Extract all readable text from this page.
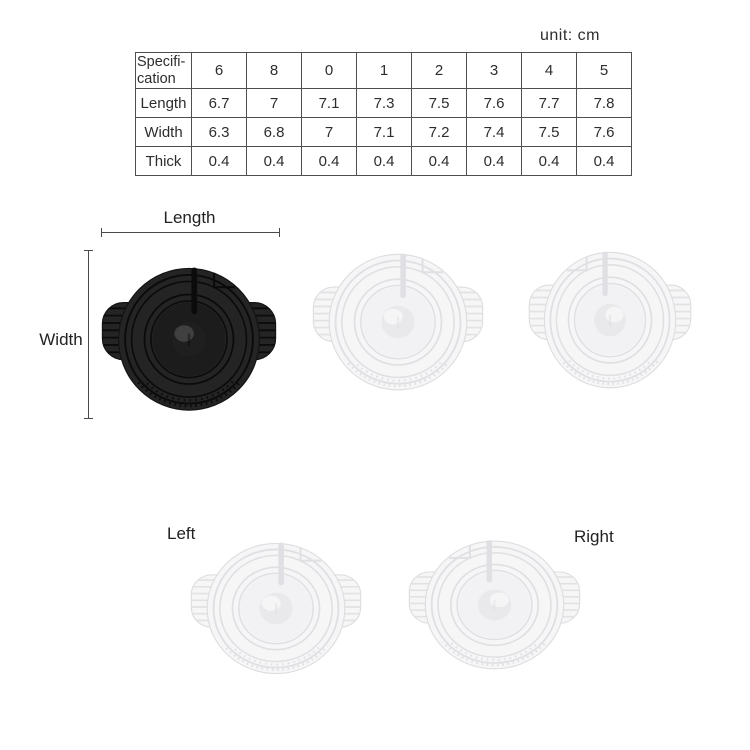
unit: cm
Specifi-cation	6	8	0	1	2	3	4	5
Length	6.7	7	7.1	7.3	7.5	7.6	7.7	7.8
Width	6.3	6.8	7	7.1	7.2	7.4	7.5	7.6
Thick	0.4	0.4	0.4	0.4	0.4	0.4	0.4	0.4
Length
Width
Left	Right
